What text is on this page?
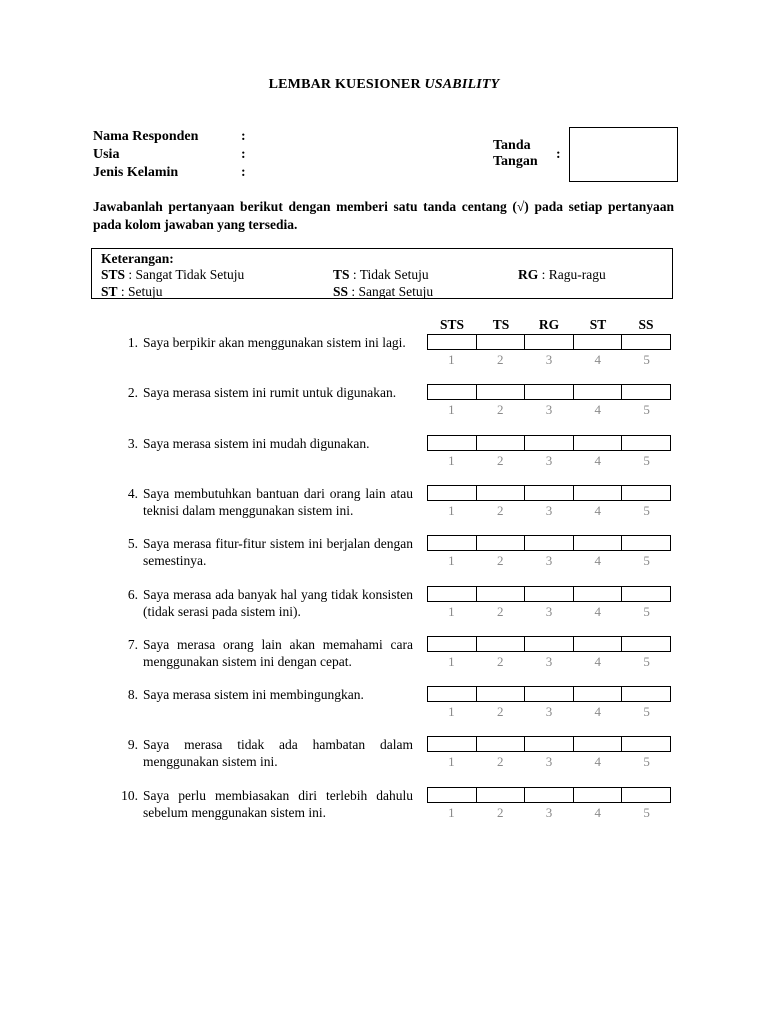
LEMBAR KUESIONER USABILITY
Nama Responden	:
Usia	:
Jenis Kelamin	:
Tanda
Tangan :
Jawabanlah pertanyaan berikut dengan memberi satu tanda centang (√) pada setiap pertanyaan pada kolom jawaban yang tersedia.
Keterangan:
STS : Sangat Tidak Setuju	TS : Tidak Setuju	RG : Ragu-ragu
ST : Setuju	SS : Sangat Setuju
STS	TS	RG	ST	SS
1. Saya berpikir akan menggunakan sistem ini lagi.
1	2	3	4	5
2. Saya merasa sistem ini rumit untuk digunakan.
1	2	3	4	5
3. Saya merasa sistem ini mudah digunakan.
1	2	3	4	5
4. Saya membutuhkan bantuan dari orang lain atau teknisi dalam menggunakan sistem ini.	1	2	3	4	5
5. Saya merasa fitur-fitur sistem ini berjalan dengan semestinya.	1	2	3	4	5
6. Saya merasa ada banyak hal yang tidak konsisten (tidak serasi pada sistem ini).	1	2	3	4	5
7. Saya merasa orang lain akan memahami cara menggunakan sistem ini dengan cepat.	1	2	3	4	5
8. Saya merasa sistem ini membingungkan.
1	2	3	4	5
9. Saya merasa tidak ada hambatan dalam menggunakan sistem ini.	1	2	3	4	5
10. Saya perlu membiasakan diri terlebih dahulu sebelum menggunakan sistem ini.	1	2	3	4	5
